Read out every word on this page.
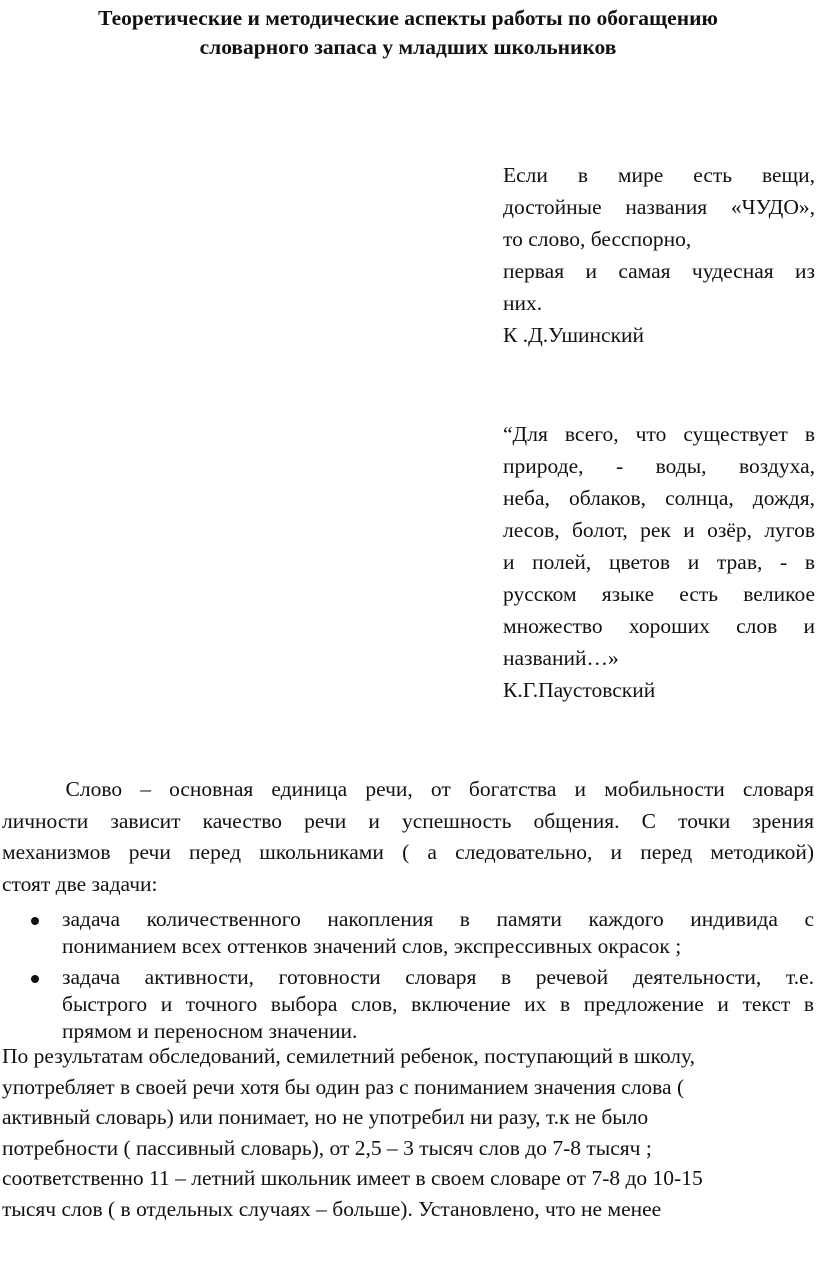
Теоретические и методические аспекты работы по обогащению
словарного запаса у младших школьников
Если в мире есть вещи,
достойные названия «ЧУДО»,
то слово, бесспорно,
первая и самая чудесная из
них.
К .Д.Ушинский
“Для всего, что существует в
природе, - воды, воздуха,
неба, облаков, солнца, дождя,
лесов, болот, рек и озёр, лугов
и полей, цветов и трав, - в
русском языке есть великое
множество хороших слов и
названий…»
К.Г.Паустовский
Слово  –  основная  единица  речи,  от  богатства  и  мобильности  словаря
личности зависит качество речи и успешность общения. С точки зрения
механизмов речи перед школьниками ( а следовательно, и перед методикой)
стоят две задачи:
задача количественного накопления в памяти каждого индивида с
пониманием всех оттенков значений слов, экспрессивных окрасок ;
задача активности, готовности словаря в речевой деятельности, т.е.
быстрого и точного выбора слов, включение их в предложение и текст в
прямом и переносном значении.
По результатам обследований, семилетний ребенок, поступающий в школу,
употребляет в своей речи хотя бы один раз с пониманием значения слова (
активный словарь) или понимает, но не употребил ни разу, т.к не было
потребности ( пассивный словарь), от 2,5 – 3 тысяч слов до 7-8 тысяч ;
соответственно 11 – летний школьник имеет в своем словаре от 7-8 до 10-15
тысяч слов ( в отдельных случаях – больше). Установлено, что не менее
